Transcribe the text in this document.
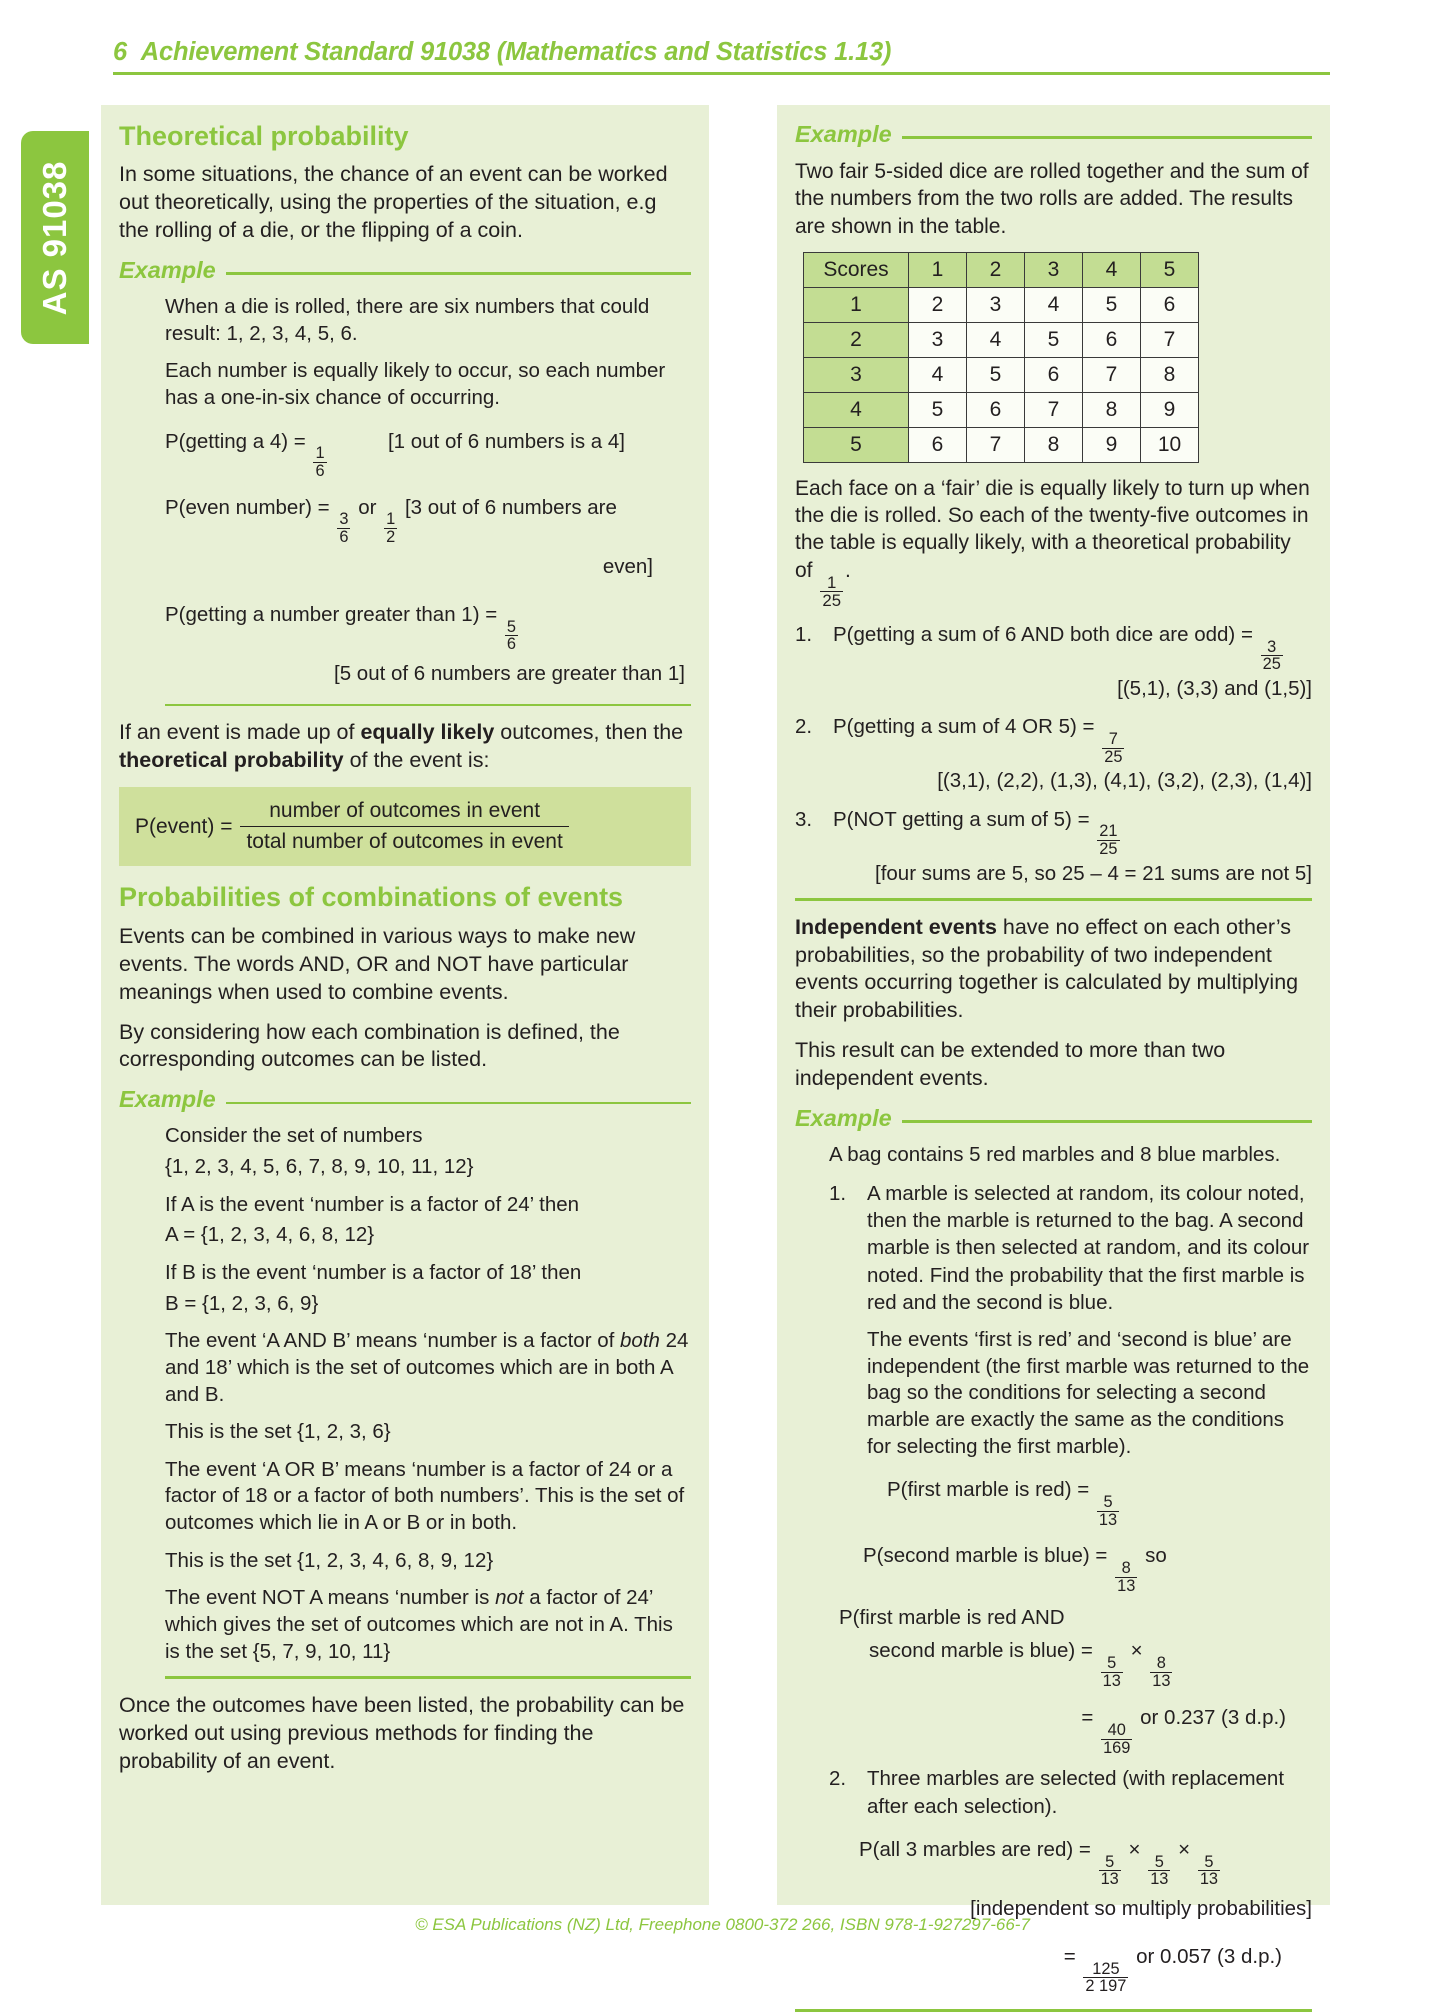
6 Achievement Standard 91038 (Mathematics and Statistics 1.13)
AS 91038
Theoretical probability

In some situations, the chance of an event can be worked out theoretically, using the properties of the situation, e.g the rolling of a die, or the flipping of a coin.

Example

When a die is rolled, there are six numbers that could result: 1, 2, 3, 4, 5, 6.

Each number is equally likely to occur, so each number has a one-in-six chance of occurring.

P(getting a 4) =
$\frac{1}{6}$
[1 out of 6 numbers is a 4]
P(even number) =
$\frac{3}{6}$
or
$\frac{1}{2}$
[3 out of 6 numbers are
even]
P(getting a number greater than 1) =
$\frac{5}{6}$
[5 out of 6 numbers are greater than 1]

If an event is made up of equally likely outcomes, then the theoretical probability of the event is:

P(event) = $\frac{\text{number of outcomes in event}}{\text{total number of outcomes in event}}$
Probabilities of combinations of events

Events can be combined in various ways to make new events. The words AND, OR and NOT have particular meanings when used to combine events.

By considering how each combination is defined, the corresponding outcomes can be listed.

Example

Consider the set of numbers

{1, 2, 3, 4, 5, 6, 7, 8, 9, 10, 11, 12}

If A is the event ‘number is a factor of 24’ then

A = {1, 2, 3, 4, 6, 8, 12}

If B is the event ‘number is a factor of 18’ then

B = {1, 2, 3, 6, 9}

The event ‘A AND B’ means ‘number is a factor of both 24 and 18’ which is the set of outcomes which are in both A and B.

This is the set {1, 2, 3, 6}

The event ‘A OR B’ means ‘number is a factor of 24 or a factor of 18 or a factor of both numbers’. This is the set of outcomes which lie in A or B or in both.

This is the set {1, 2, 3, 4, 6, 8, 9, 12}

The event NOT A means ‘number is not a factor of 24’ which gives the set of outcomes which are not in A. This is the set {5, 7, 9, 10, 11}

Once the outcomes have been listed, the probability can be worked out using previous methods for finding the probability of an event.

Example

Two fair 5-sided dice are rolled together and the sum of the numbers from the two rolls are added. The results are shown in the table.

Scores	1	2	3	4	5
1	2	3	4	5	6
2	3	4	5	6	7
3	4	5	6	7	8
4	5	6	7	8	9
5	6	7	8	9	10

Each face on a ‘fair’ die is equally likely to turn up when the die is rolled. So each of the twenty-five outcomes in the table is equally likely, with a theoretical probability of
$\frac{1}{25}$
.

1.	P(getting a sum of 6 AND both dice are odd) =
$\frac{3}{25}$
[(5,1), (3,3) and (1,5)]
2.	P(getting a sum of 4 OR 5) =
$\frac{7}{25}$
[(3,1), (2,2), (1,3), (4,1), (3,2), (2,3), (1,4)]
3.	P(NOT getting a sum of 5) =
$\frac{21}{25}$
[four sums are 5, so 25 – 4 = 21 sums are not 5]

Independent events have no effect on each other’s probabilities, so the probability of two independent events occurring together is calculated by multiplying their probabilities.

This result can be extended to more than two independent events.

Example

A bag contains 5 red marbles and 8 blue marbles.

1.	A marble is selected at random, its colour noted, then the marble is returned to the bag. A second marble is then selected at random, and its colour noted. Find the probability that the first marble is red and the second is blue.

The events ‘first is red’ and ‘second is blue’ are independent (the first marble was returned to the bag so the conditions for selecting a second marble are exactly the same as the conditions for selecting the first marble).

P(first marble is red) =
$\frac{5}{13}$
P(second marble is blue) =
$\frac{8}{13}$
so
P(first marble is red AND
second marble is blue) =
$\frac{5}{13}$
×
$\frac{8}{13}$
=
$\frac{40}{169}$
or 0.237 (3 d.p.)
2.	Three marbles are selected (with replacement after each selection).
P(all 3 marbles are red) =
$\frac{5}{13}$
×
$\frac{5}{13}$
×
$\frac{5}{13}$
[independent so multiply probabilities]
=
$\frac{125}{2 197}$
or 0.057 (3 d.p.)
© ESA Publications (NZ) Ltd, Freephone 0800-372 266, ISBN 978-1-927297-66-7
